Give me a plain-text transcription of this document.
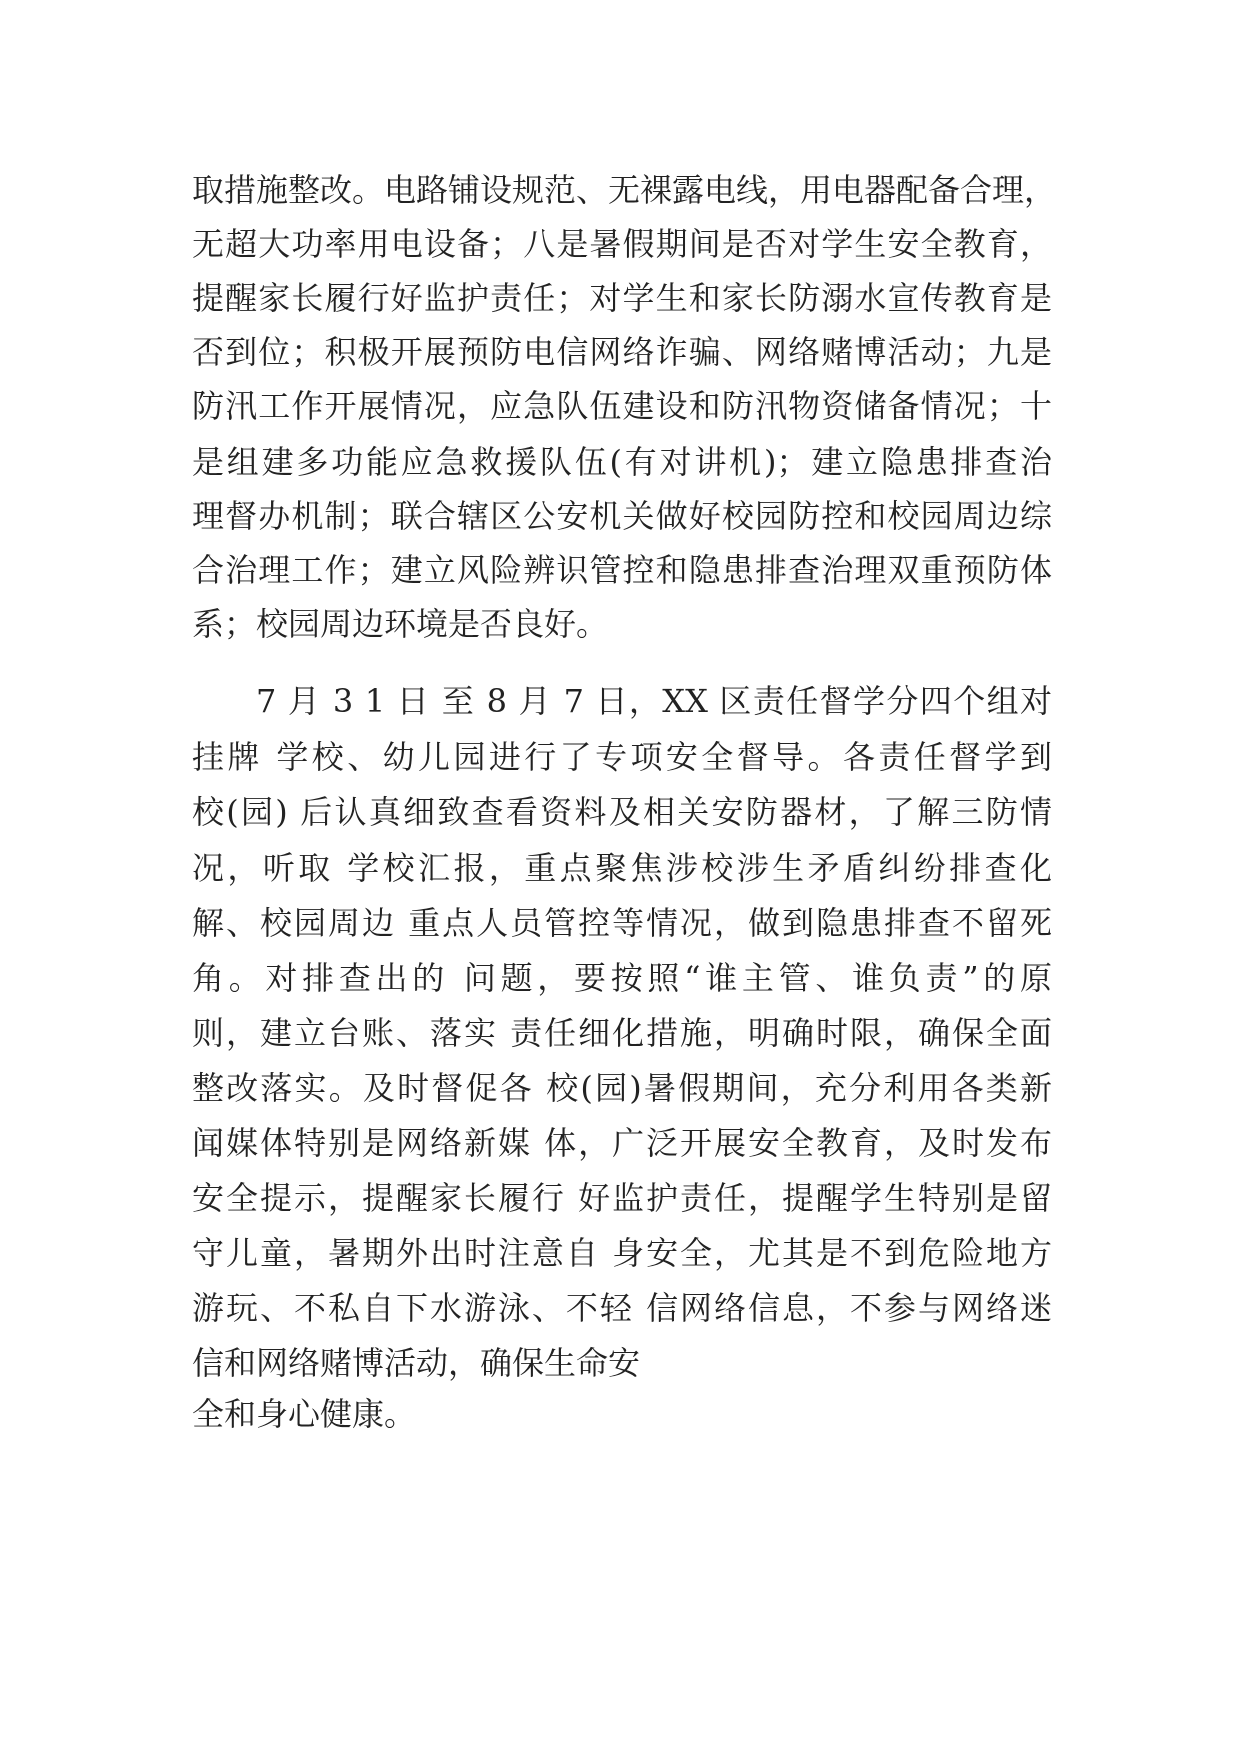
取措施整改。电路铺设规范、无裸露电线，用电器配备合理，
无超大功率用电设备；八是暑假期间是否对学生安全教育，
提醒家长履行好监护责任；对学生和家长防溺水宣传教育是
否到位；积极开展预防电信网络诈骗、网络赌博活动；九是
防汛工作开展情况，应急队伍建设和防汛物资储备情况；十
是组建多功能应急救援队伍(有对讲机)；建立隐患排查治
理督办机制；联合辖区公安机关做好校园防控和校园周边综
合治理工作；建立风险辨识管控和隐患排查治理双重预防体
系；校园周边环境是否良好。
7 月 3 1 日 至 8 月 7 日，XX 区责任督学分四个组对
挂牌 学校、幼儿园进行了专项安全督导。各责任督学到
校(园) 后认真细致查看资料及相关安防器材，了解三防情
况，听取 学校汇报，重点聚焦涉校涉生矛盾纠纷排查化
解、校园周边 重点人员管控等情况，做到隐患排查不留死
角。对排查出的 问题，要按照“谁主管、谁负责”的原
则，建立台账、落实 责任细化措施，明确时限，确保全面
整改落实。及时督促各 校(园)暑假期间，充分利用各类新
闻媒体特别是网络新媒 体，广泛开展安全教育，及时发布
安全提示，提醒家长履行 好监护责任，提醒学生特别是留
守儿童，暑期外出时注意自 身安全，尤其是不到危险地方
游玩、不私自下水游泳、不轻 信网络信息，不参与网络迷
信和网络赌博活动，确保生命安
全和身心健康。
